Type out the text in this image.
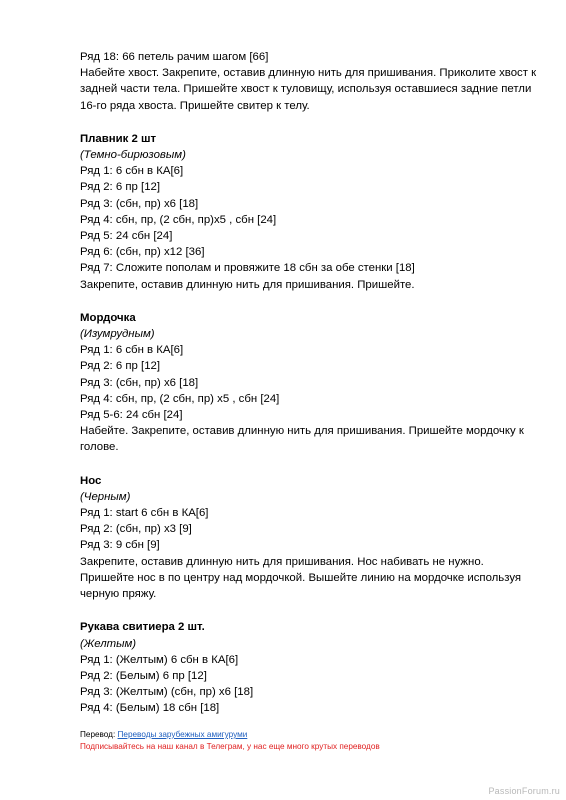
Ряд 18: 66 петель рачим шагом [66]
Набейте хвост. Закрепите, оставив длинную нить для пришивания. Приколите хвост к задней части тела. Пришейте хвост к туловищу, используя оставшиеся задние петли 16-го ряда хвоста. Пришейте свитер к телу.
Плавник 2 шт
(Темно-бирюзовым)
Ряд 1: 6 сбн в КА[6]
Ряд 2: 6 пр [12]
Ряд 3: (сбн, пр) x6 [18]
Ряд 4: сбн, пр, (2 сбн, пр)x5 , сбн [24]
Ряд 5: 24 сбн [24]
Ряд 6: (сбн, пр) x12 [36]
Ряд 7: Сложите пополам и провяжите 18 сбн за обе стенки [18]
Закрепите, оставив длинную нить для пришивания. Пришейте.
Мордочка
(Изумрудным)
Ряд 1: 6 сбн в КА[6]
Ряд 2: 6 пр [12]
Ряд 3: (сбн, пр) x6 [18]
Ряд 4: сбн, пр, (2 сбн, пр) x5 , сбн [24]
Ряд 5-6: 24 сбн [24]
Набейте. Закрепите, оставив длинную нить для пришивания. Пришейте мордочку к голове.
Нос
(Черным)
Ряд 1: start 6 сбн в КА[6]
Ряд 2: (сбн, пр) x3 [9]
Ряд 3: 9 сбн [9]
Закрепите, оставив длинную нить для пришивания. Нос набивать не нужно. Пришейте нос в по центру над мордочкой. Вышейте линию на мордочке используя черную пряжу.
Рукава свитиера 2 шт.
(Желтым)
Ряд 1: (Желтым) 6 сбн в КА[6]
Ряд 2: (Белым) 6 пр [12]
Ряд 3: (Желтым) (сбн, пр) x6 [18]
Ряд 4: (Белым) 18 сбн [18]
Перевод: Переводы зарубежных амигуруми
Подписывайтесь на наш канал в Телеграм, у нас еще много крутых переводов
PassionForum.ru
